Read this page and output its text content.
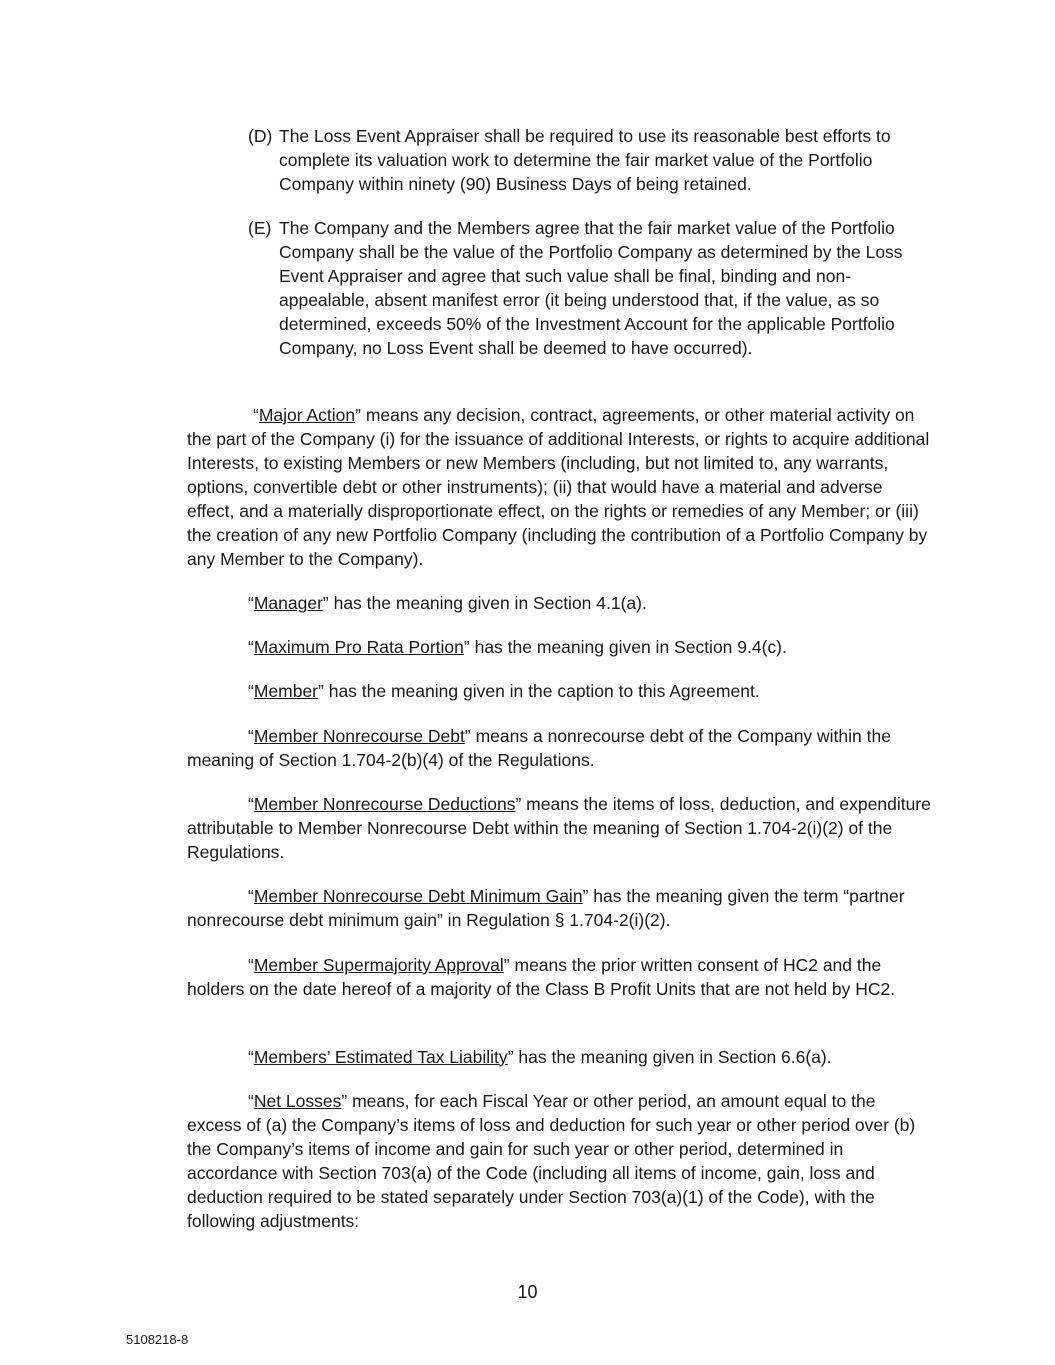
(D) The Loss Event Appraiser shall be required to use its reasonable best efforts to complete its valuation work to determine the fair market value of the Portfolio Company within ninety (90) Business Days of being retained.

(E) The Company and the Members agree that the fair market value of the Portfolio Company shall be the value of the Portfolio Company as determined by the Loss Event Appraiser and agree that such value shall be final, binding and non-appealable, absent manifest error (it being understood that, if the value, as so determined, exceeds 50% of the Investment Account for the applicable Portfolio Company, no Loss Event shall be deemed to have occurred).

“Major Action” means any decision, contract, agreements, or other material activity on the part of the Company (i) for the issuance of additional Interests, or rights to acquire additional Interests, to existing Members or new Members (including, but not limited to, any warrants, options, convertible debt or other instruments); (ii) that would have a material and adverse effect, and a materially disproportionate effect, on the rights or remedies of any Member; or (iii) the creation of any new Portfolio Company (including the contribution of a Portfolio Company by any Member to the Company).

“Manager” has the meaning given in Section 4.1(a).

“Maximum Pro Rata Portion” has the meaning given in Section 9.4(c).

“Member” has the meaning given in the caption to this Agreement.

“Member Nonrecourse Debt” means a nonrecourse debt of the Company within the meaning of Section 1.704-2(b)(4) of the Regulations.

“Member Nonrecourse Deductions” means the items of loss, deduction, and expenditure attributable to Member Nonrecourse Debt within the meaning of Section 1.704-2(i)(2) of the Regulations.

“Member Nonrecourse Debt Minimum Gain” has the meaning given the term “partner nonrecourse debt minimum gain” in Regulation § 1.704-2(i)(2).

“Member Supermajority Approval” means the prior written consent of HC2 and the holders on the date hereof of a majority of the Class B Profit Units that are not held by HC2.

“Members’ Estimated Tax Liability” has the meaning given in Section 6.6(a).

“Net Losses” means, for each Fiscal Year or other period, an amount equal to the excess of (a) the Company’s items of loss and deduction for such year or other period over (b) the Company’s items of income and gain for such year or other period, determined in accordance with Section 703(a) of the Code (including all items of income, gain, loss and deduction required to be stated separately under Section 703(a)(1) of the Code), with the following adjustments:

10
5108218-8
